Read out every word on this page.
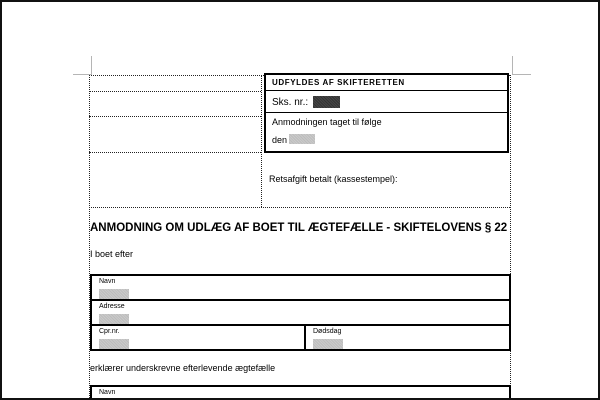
UDFYLDES AF SKIFTERETTEN
Sks. nr.:
Anmodningen taget til følge
den
Retsafgift betalt (kassestempel):
ANMODNING OM UDLÆG AF BOET TIL ÆGTEFÆLLE - SKIFTELOVENS § 22
I boet efter
Navn
Adresse
Cpr.nr.	Dødsdag
erklærer underskrevne efterlevende ægtefælle
Navn
